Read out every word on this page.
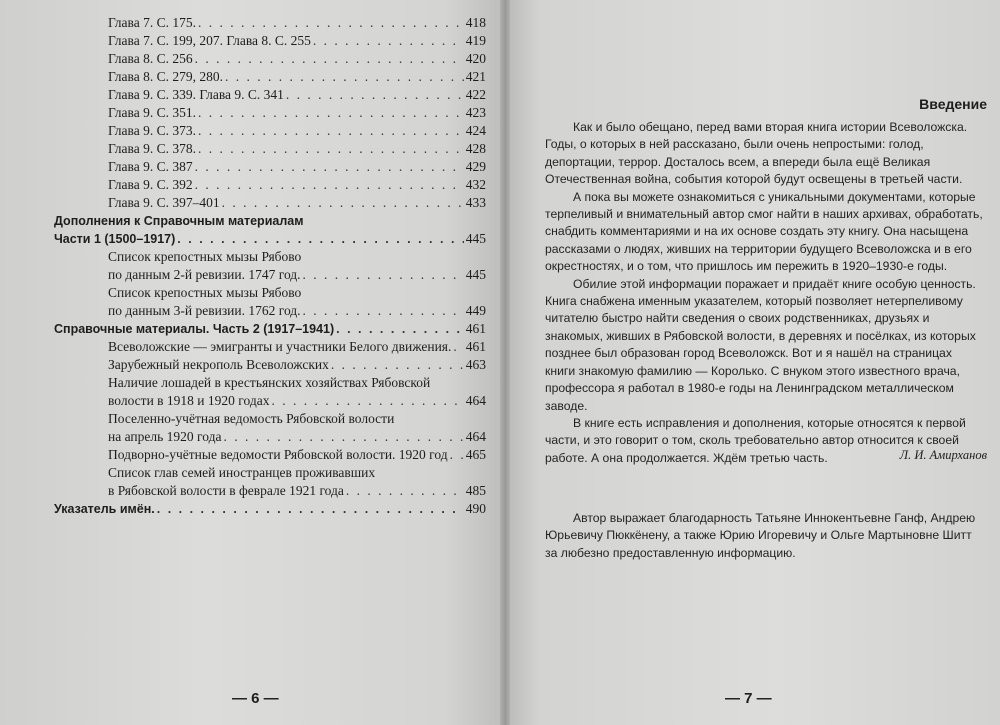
Глава 7. С. 175. . . .	418
Глава 7. С. 199, 207. Глава 8. С. 255 . . .	419
Глава 8. С. 256 . . .	420
Глава 8. С. 279, 280. . . .	421
Глава 9. С. 339. Глава 9. С. 341 . . .	422
Глава 9. С. 351. . . .	423
Глава 9. С. 373. . . .	424
Глава 9. С. 378. . . .	428
Глава 9. С. 387 . . .	429
Глава 9. С. 392 . . .	432
Глава 9. С. 397–401 . . .	433
Дополнения к Справочным материалам
Части 1 (1500–1917) . . .	445
Список крепостных мызы Рябово
по данным 2-й ревизии. 1747 год. . . .	445
Список крепостных мызы Рябово
по данным 3-й ревизии. 1762 год. . . .	449
Справочные материалы. Часть 2 (1917–1941) . . .	461
Всеволожские — эмигранты и участники Белого движения. . . . 461
Зарубежный некрополь Всеволожских . . .	463
Наличие лошадей в крестьянских хозяйствах Рябовской
волости в 1918 и 1920 годах . . .	464
Поселенно-учётная ведомость Рябовской волости
на апрель 1920 года . . .	464
Подворно-учётные ведомости Рябовской волости. 1920 год . . . 465
Список глав семей иностранцев проживавших
в Рябовской волости в феврале 1921 года . . .	485
Указатель имён. . . .	490
— 6 —
Введение

Как и было обещано, перед вами вторая книга истории Всеволожска. Годы, о которых в ней рассказано, были очень непростыми: голод, депортации, террор. Досталось всем, а впереди была ещё Великая Отечественная война, события которой будут освещены в третьей части.

А пока вы можете ознакомиться с уникальными документами, которые терпеливый и внимательный автор смог найти в наших архивах, обработать, снабдить комментариями и на их основе создать эту книгу. Она насыщена рассказами о людях, живших на территории будущего Всеволожска и в его окрестностях, и о том, что пришлось им пережить в 1920–1930-е годы.

Обилие этой информации поражает и придаёт книге особую ценность. Книга снабжена именным указателем, который позволяет нетерпеливому читателю быстро найти сведения о своих родственниках, друзьях и знакомых, живших в Рябовской волости, в деревнях и посёлках, из которых позднее был образован город Всеволожск. Вот и я нашёл на страницах книги знакомую фамилию — Королько. С внуком этого известного врача, профессора я работал в 1980-е годы на Ленинградском металлическом заводе.

В книге есть исправления и дополнения, которые относятся к первой части, и это говорит о том, сколь требовательно автор относится к своей работе. А она продолжается. Ждём третью часть.	Л. И. Амирханов
Автор выражает благодарность Татьяне Иннокентьевне Ганф, Андрею Юрьевичу Пюккёнену, а также Юрию Игоревичу и Ольге Мартыновне Шитт за любезно предоставленную информацию.
— 7 —
